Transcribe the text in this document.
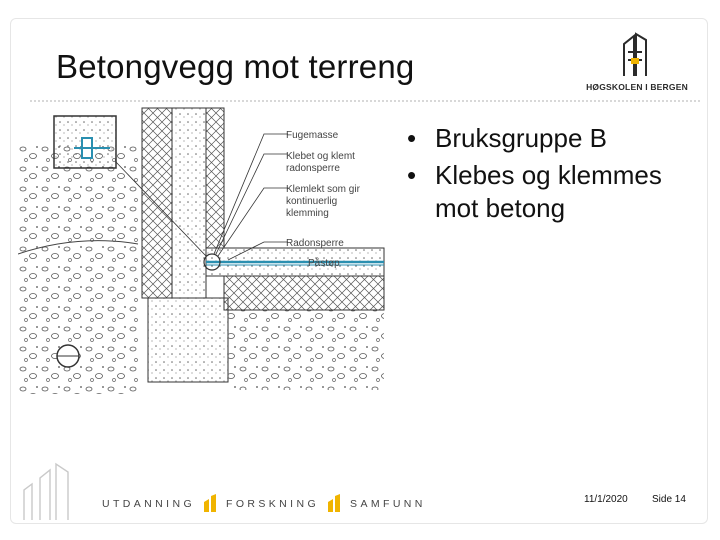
Betongvegg mot terreng
HØGSKOLEN I BERGEN
Fugemasse
Klebet og klemt
radonsperre
Klemlekt som gir
kontinuerlig
klemming
Radonsperre
Påstøp
• Bruksgruppe B
• Klebes og klemmes mot betong
UTDANNING	FORSKNING	SAMFUNN	11/1/2020 Side 14
